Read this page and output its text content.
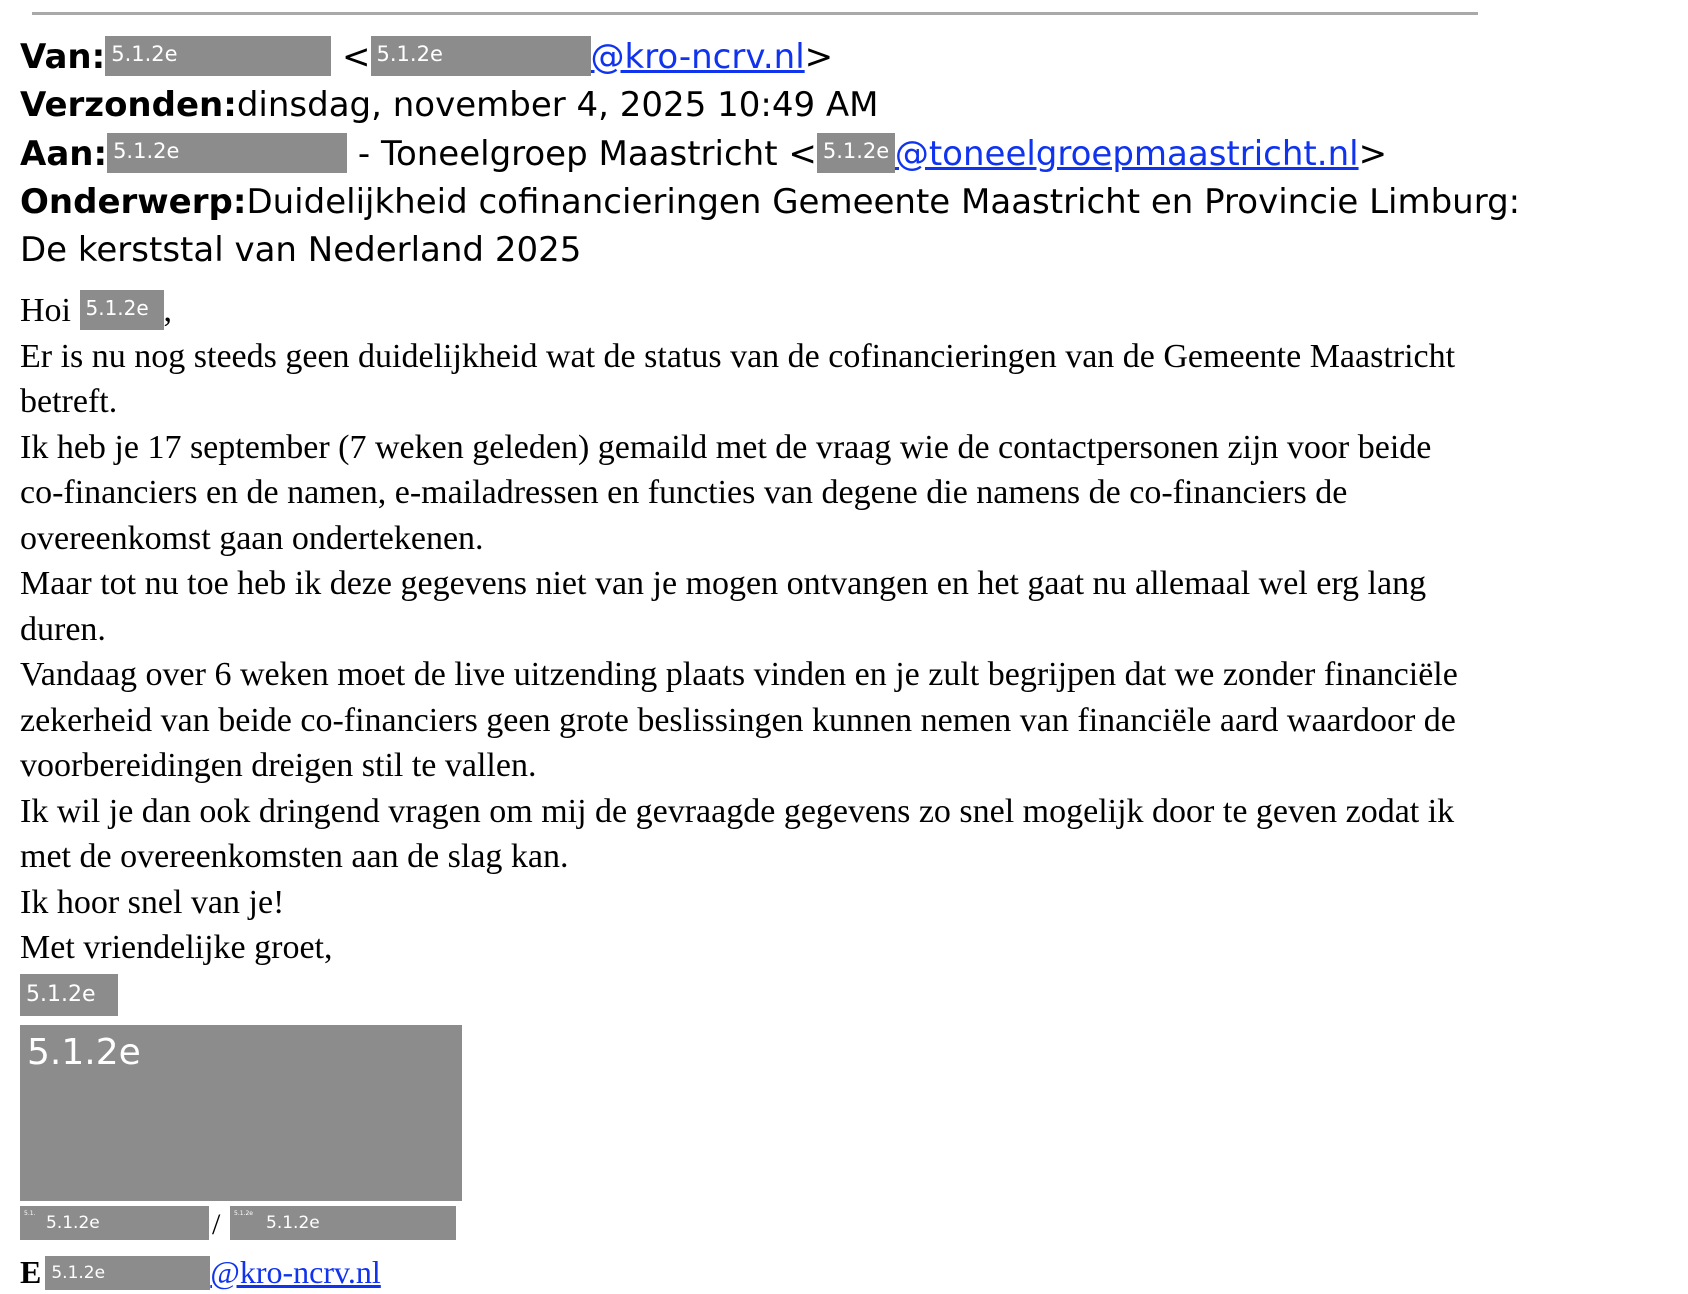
Van: 5.1.2e	< 5.1.2e	@kro-ncrv.nl>
Verzonden:dinsdag, november 4, 2025 10:49 AM
Aan: 5.1.2e	- Toneelgroep Maastricht < 5.1.2e @toneelgroepmaastricht.nl>
Onderwerp:Duidelijkheid cofinancieringen Gemeente Maastricht en Provincie Limburg:
De kerststal van Nederland 2025

Hoi 5.1.2e ,

Er is nu nog steeds geen duidelijkheid wat de status van de cofinancieringen van de Gemeente Maastricht betreft.

Ik heb je 17 september (7 weken geleden) gemaild met de vraag wie de contactpersonen zijn voor beide co-financiers en de namen, e-mailadressen en functies van degene die namens de co-financiers de overeenkomst gaan ondertekenen.

Maar tot nu toe heb ik deze gegevens niet van je mogen ontvangen en het gaat nu allemaal wel erg lang duren.

Vandaag over 6 weken moet de live uitzending plaats vinden en je zult begrijpen dat we zonder financiële zekerheid van beide co-financiers geen grote beslissingen kunnen nemen van financiële aard waardoor de voorbereidingen dreigen stil te vallen.

Ik wil je dan ook dringend vragen om mij de gevraagde gegevens zo snel mogelijk door te geven zodat ik met de overeenkomsten aan de slag kan.

Ik hoor snel van je!

Met vriendelijke groet,

5.1.2e
5.1.2e
5.1. 5.1.2e	/ 5.1.2e 5.1.2e
E 5.1.2e	@kro-ncrv.nl
